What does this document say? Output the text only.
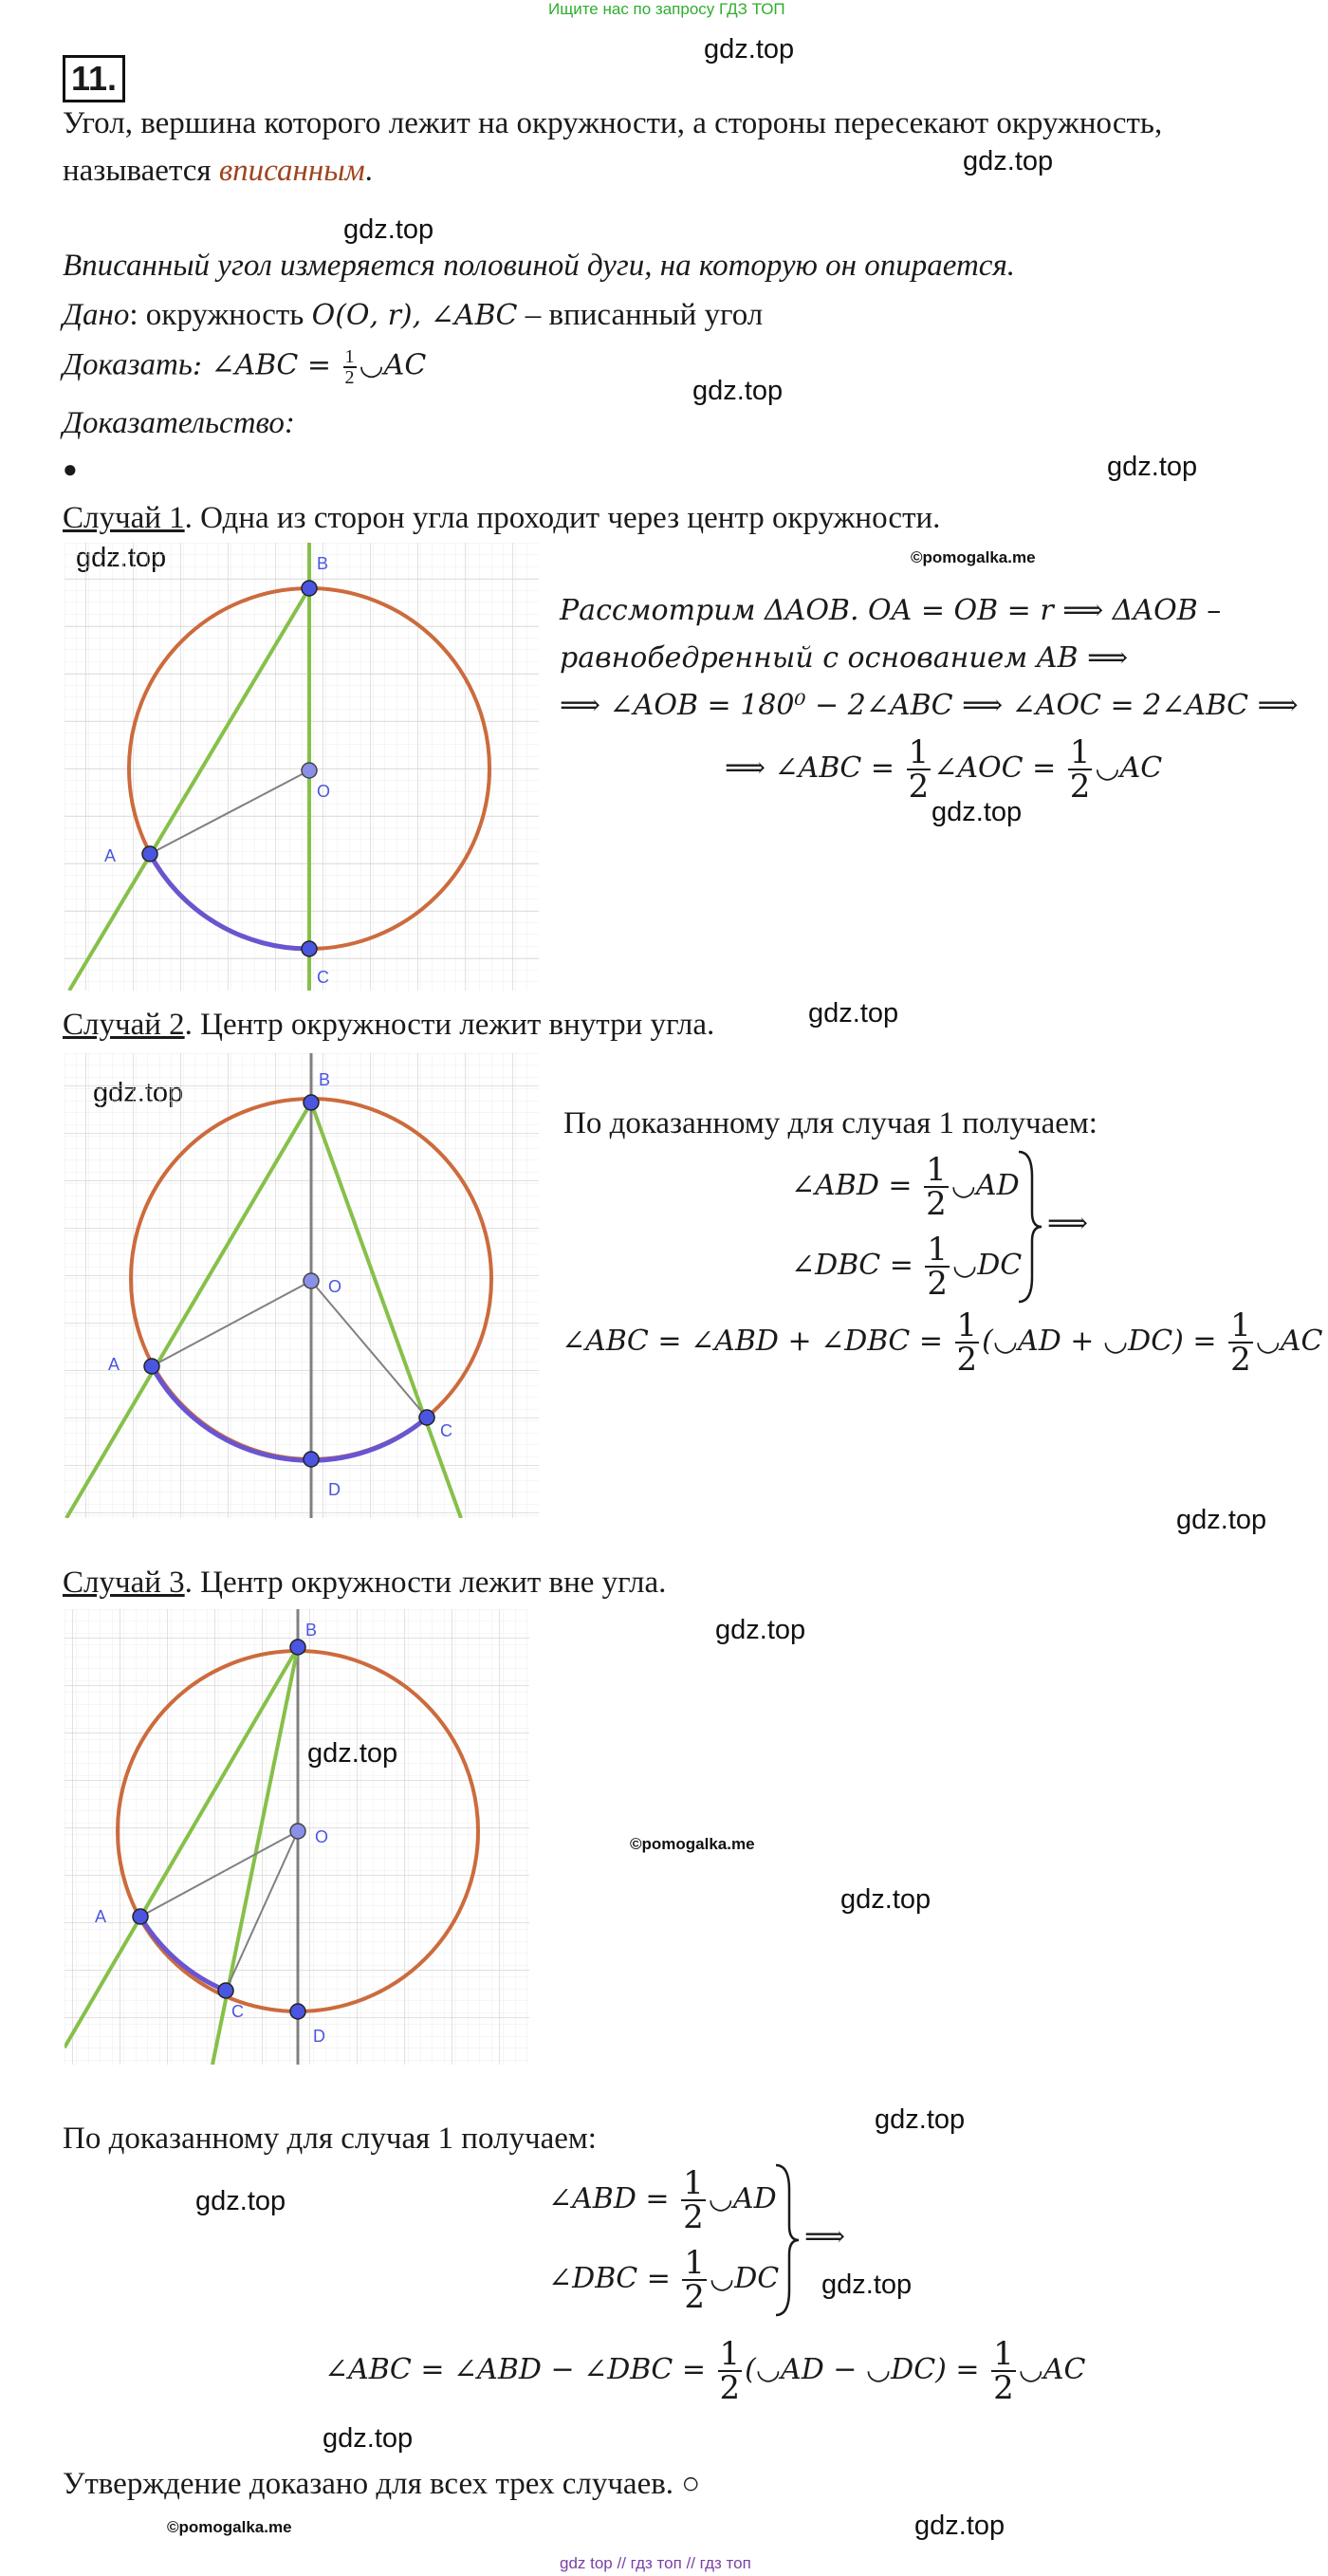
Ищите нас по запросу ГДЗ ТОП
11.
gdz.top
Угол, вершина которого лежит на окружности, а стороны пересекают окружность,
называется вписанным.	gdz.top
gdz.top
Вписанный угол измеряется половиной дуги, на которую он опирается.
Дано: окружность 𝑂(𝑂, 𝑟), ∠𝐴𝐵𝐶 – вписанный угол
Доказать: ∠𝐴𝐵𝐶 = $\frac{1}{2}$ ◡𝐴𝐶
gdz.top
Доказательство:
●	gdz.top
Случай 1. Одна из сторон угла проходит через центр окружности.
©pomogalka.me
B
O
A
C
Рассмотрим Δ𝐴𝑂𝐵. 𝑂𝐴 = 𝑂𝐵 = 𝑟 ⟹ Δ𝐴𝑂𝐵 –
равнобедренный с основанием 𝐴𝐵 ⟹
⟹ ∠𝐴𝑂𝐵 = 180⁰ − 2∠𝐴𝐵𝐶 ⟹ ∠𝐴𝑂𝐶 = 2∠𝐴𝐵𝐶 ⟹
⟹ ∠𝐴𝐵𝐶 = $\frac{1}{2}$ ∠𝐴𝑂𝐶 = $\frac{1}{2}$ ◡𝐴𝐶
gdz.top
Случай 2. Центр окружности лежит внутри угла.	gdz.top
B
O
A
C
D
По доказанному для случая 1 получаем:
∠𝐴𝐵𝐷 = $\frac{1}{2}$ ◡𝐴𝐷
∠𝐷𝐵𝐶 = $\frac{1}{2}$ ◡𝐷𝐶
⟹
∠𝐴𝐵𝐶 = ∠𝐴𝐵𝐷 + ∠𝐷𝐵𝐶 = $\frac{1}{2}$ (◡𝐴𝐷 + ◡𝐷𝐶) = $\frac{1}{2}$ ◡𝐴𝐶
gdz.top
Случай 3. Центр окружности лежит вне угла.
gdz.top
B
O
A
C
D
gdz.top
©pomogalka.me
gdz.top
По доказанному для случая 1 получаем:
gdz.top
gdz.top	∠𝐴𝐵𝐷 = $\frac{1}{2}$ ◡𝐴𝐷
∠𝐷𝐵𝐶 = $\frac{1}{2}$ ◡𝐷𝐶
⟹
gdz.top
∠𝐴𝐵𝐶 = ∠𝐴𝐵𝐷 − ∠𝐷𝐵𝐶 = $\frac{1}{2}$ (◡𝐴𝐷 − ◡𝐷𝐶) = $\frac{1}{2}$ ◡𝐴𝐶
gdz.top
Утверждение доказано для всех трех случаев. ○
©pomogalka.me	gdz.top
gdz top // гдз топ // гдз топ
